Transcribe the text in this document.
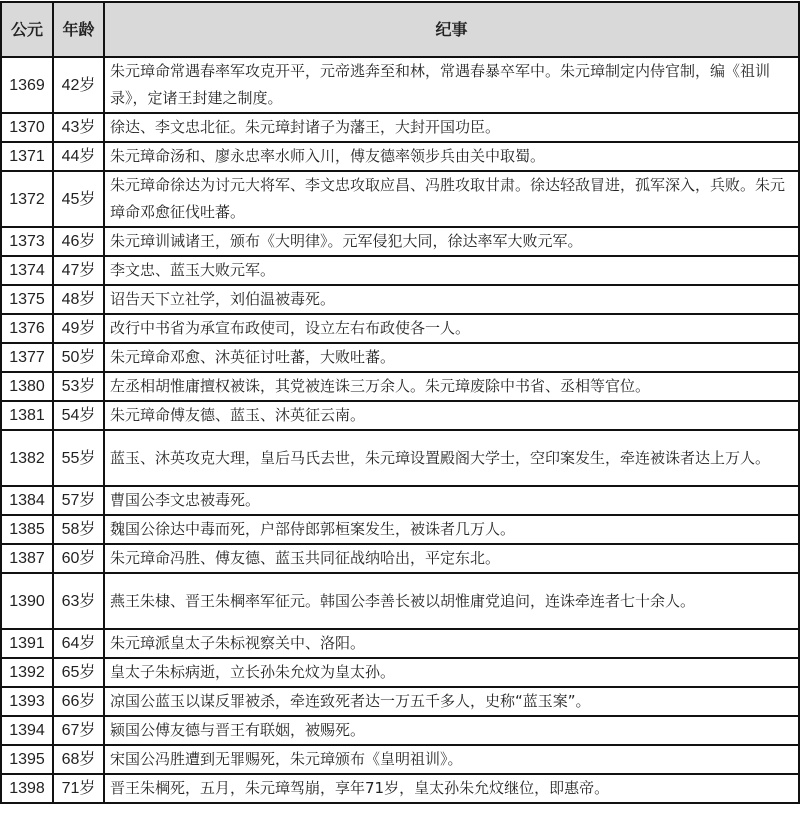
公元	年龄	纪事
1369	42岁	朱元璋命常遇春率军攻克开平，元帝逃奔至和林，常遇春暴卒军中。朱元璋制定内侍官制，编《祖训录》，定诸王封建之制度。
1370	43岁	徐达、李文忠北征。朱元璋封诸子为藩王，大封开国功臣。
1371	44岁	朱元璋命汤和、廖永忠率水师入川，傅友德率领步兵由关中取蜀。
1372	45岁	朱元璋命徐达为讨元大将军、李文忠攻取应昌、冯胜攻取甘肃。徐达轻敌冒进，孤军深入，兵败。朱元璋命邓愈征伐吐蕃。
1373	46岁	朱元璋训诫诸王，颁布《大明律》。元军侵犯大同，徐达率军大败元军。
1374	47岁	李文忠、蓝玉大败元军。
1375	48岁	诏告天下立社学，刘伯温被毒死。
1376	49岁	改行中书省为承宣布政使司，设立左右布政使各一人。
1377	50岁	朱元璋命邓愈、沐英征讨吐蕃，大败吐蕃。
1380	53岁	左丞相胡惟庸擅权被诛，其党被连诛三万余人。朱元璋废除中书省、丞相等官位。
1381	54岁	朱元璋命傅友德、蓝玉、沐英征云南。
1382	55岁	蓝玉、沐英攻克大理，皇后马氏去世，朱元璋设置殿阁大学士，空印案发生，牵连被诛者达上万人。
1384	57岁	曹国公李文忠被毒死。
1385	58岁	魏国公徐达中毒而死，户部侍郎郭桓案发生，被诛者几万人。
1387	60岁	朱元璋命冯胜、傅友德、蓝玉共同征战纳哈出，平定东北。
1390	63岁	燕王朱棣、晋王朱棡率军征元。韩国公李善长被以胡惟庸党追问，连诛牵连者七十余人。
1391	64岁	朱元璋派皇太子朱标视察关中、洛阳。
1392	65岁	皇太子朱标病逝，立长孙朱允炆为皇太孙。
1393	66岁	凉国公蓝玉以谋反罪被杀，牵连致死者达一万五千多人，史称“蓝玉案”。
1394	67岁	颍国公傅友德与晋王有联姻，被赐死。
1395	68岁	宋国公冯胜遭到无罪赐死，朱元璋颁布《皇明祖训》。
1398	71岁	晋王朱棡死，五月，朱元璋驾崩，享年71岁，皇太孙朱允炆继位，即惠帝。
